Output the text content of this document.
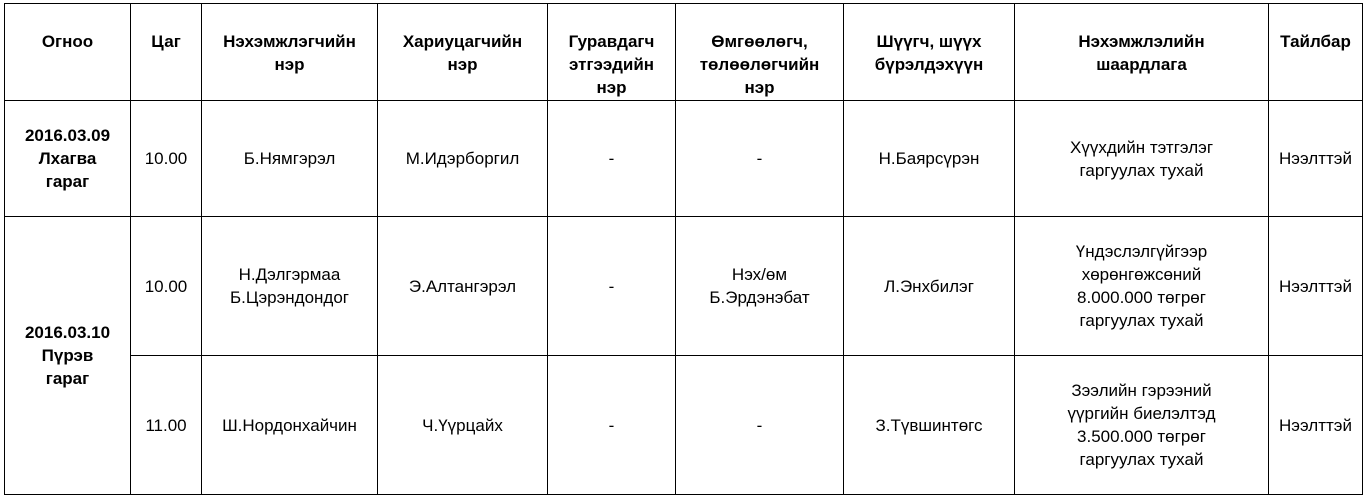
Огноо	Цаг	Нэхэмжлэгчийн
нэр	Хариуцагчийн
нэр	Гуравдагч
этгээдийн
нэр	Өмгөөлөгч,
төлөөлөгчийн
нэр	Шүүгч, шүүх
бүрэлдэхүүн	Нэхэмжлэлийн
шаардлага	Тайлбар
2016.03.09
Лхагва
гараг	10.00	Б.Нямгэрэл	М.Идэрборгил	-	-	Н.Баярсүрэн	Хүүхдийн тэтгэлэг
гаргуулах тухай	Нээлттэй
2016.03.10
Пүрэв
гараг	10.00	Н.Дэлгэрмаа
Б.Цэрэндондог	Э.Алтангэрэл	-	Нэх/өм
Б.Эрдэнэбат	Л.Энхбилэг	Үндэслэлгүйгээр
хөрөнгөжсөний
8.000.000 төгрөг
гаргуулах тухай	Нээлттэй
	11.00	Ш.Нордонхайчин	Ч.Үүрцайх	-	-	З.Түвшинтөгс	Зээлийн гэрээний
үүргийн биелэлтэд
3.500.000 төгрөг
гаргуулах тухай	Нээлттэй
